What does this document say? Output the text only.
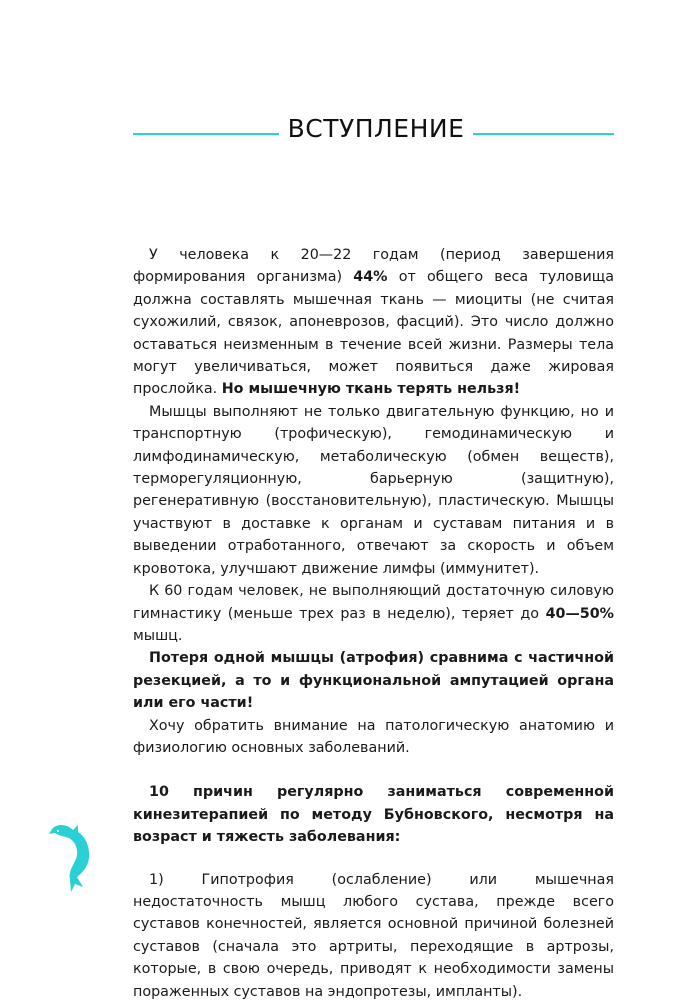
ВСТУПЛЕНИЕ

У человека к 20—22 годам (период завершения формирования организма) 44% от общего веса туловища должна составлять мышечная ткань — миоциты (не считая сухожилий, связок, апоневрозов, фасций). Это число должно оставаться неизменным в течение всей жизни. Размеры тела могут увеличиваться, может появиться даже жировая прослойка. Но мышечную ткань терять нельзя!

Мышцы выполняют не только двигательную функцию, но и транспортную (трофическую), гемодинамическую и лимфодинамическую, метаболическую (обмен веществ), терморегуляционную, барьерную (защитную), регенеративную (восстановительную), пластическую. Мышцы участвуют в доставке к органам и суставам питания и в выведении отработанного, отвечают за скорость и объем кровотока, улучшают движение лимфы (иммунитет).

К 60 годам человек, не выполняющий достаточную силовую гимнастику (меньше трех раз в неделю), теряет до 40—50% мышц.

Потеря одной мышцы (атрофия) сравнима с частичной резекцией, а то и функциональной ампутацией органа или его части!

Хочу обратить внимание на патологическую анатомию и физиологию основных заболеваний.

10 причин регулярно заниматься современной кинезитерапией по методу Бубновского, несмотря на возраст и тяжесть заболевания:

1) Гипотрофия (ослабление) или мышечная недостаточность мышц любого сустава, прежде всего суставов конечностей, является основной причиной болезней суставов (сначала это артриты, переходящие в артрозы, которые, в свою очередь, приводят к необходимости замены пораженных суставов на эндопротезы, импланты).
